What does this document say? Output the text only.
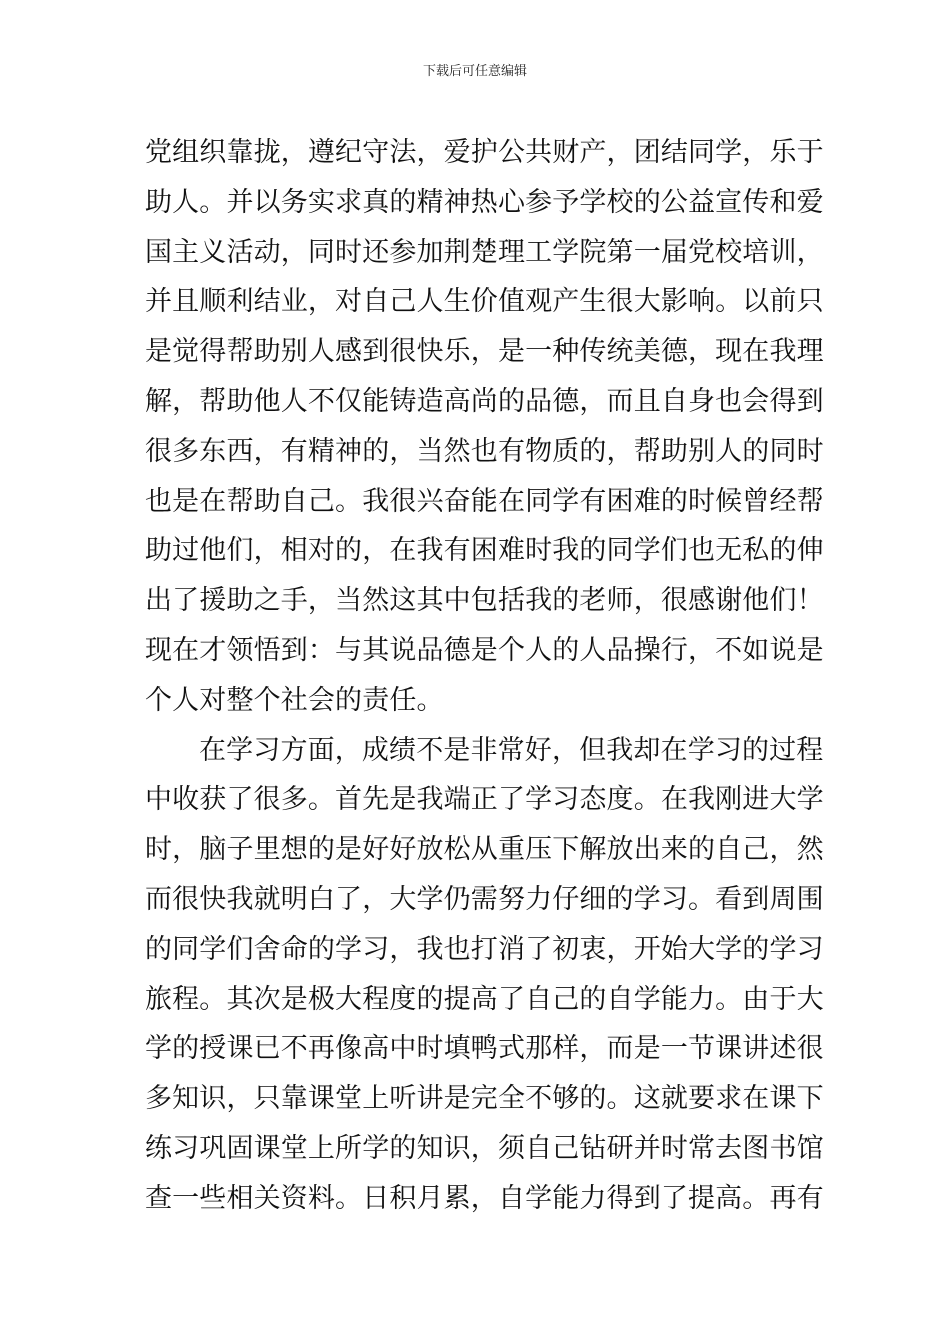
下载后可任意编辑
党组织靠拢，遵纪守法，爱护公共财产，团结同学，乐于
助人。并以务实求真的精神热心参予学校的公益宣传和爱
国主义活动，同时还参加荆楚理工学院第一届党校培训，
并且顺利结业，对自己人生价值观产生很大影响。以前只
是觉得帮助别人感到很快乐，是一种传统美德，现在我理
解，帮助他人不仅能铸造高尚的品德，而且自身也会得到
很多东西，有精神的，当然也有物质的，帮助别人的同时
也是在帮助自己。我很兴奋能在同学有困难的时候曾经帮
助过他们，相对的，在我有困难时我的同学们也无私的伸
出了援助之手，当然这其中包括我的老师，很感谢他们！
现在才领悟到：与其说品德是个人的人品操行，不如说是
个人对整个社会的责任。
在学习方面，成绩不是非常好，但我却在学习的过程
中收获了很多。首先是我端正了学习态度。在我刚进大学
时，脑子里想的是好好放松从重压下解放出来的自己，然
而很快我就明白了，大学仍需努力仔细的学习。看到周围
的同学们舍命的学习，我也打消了初衷，开始大学的学习
旅程。其次是极大程度的提高了自己的自学能力。由于大
学的授课已不再像高中时填鸭式那样，而是一节课讲述很
多知识，只靠课堂上听讲是完全不够的。这就要求在课下
练习巩固课堂上所学的知识，须自己钻研并时常去图书馆
查一些相关资料。日积月累，自学能力得到了提高。再有
